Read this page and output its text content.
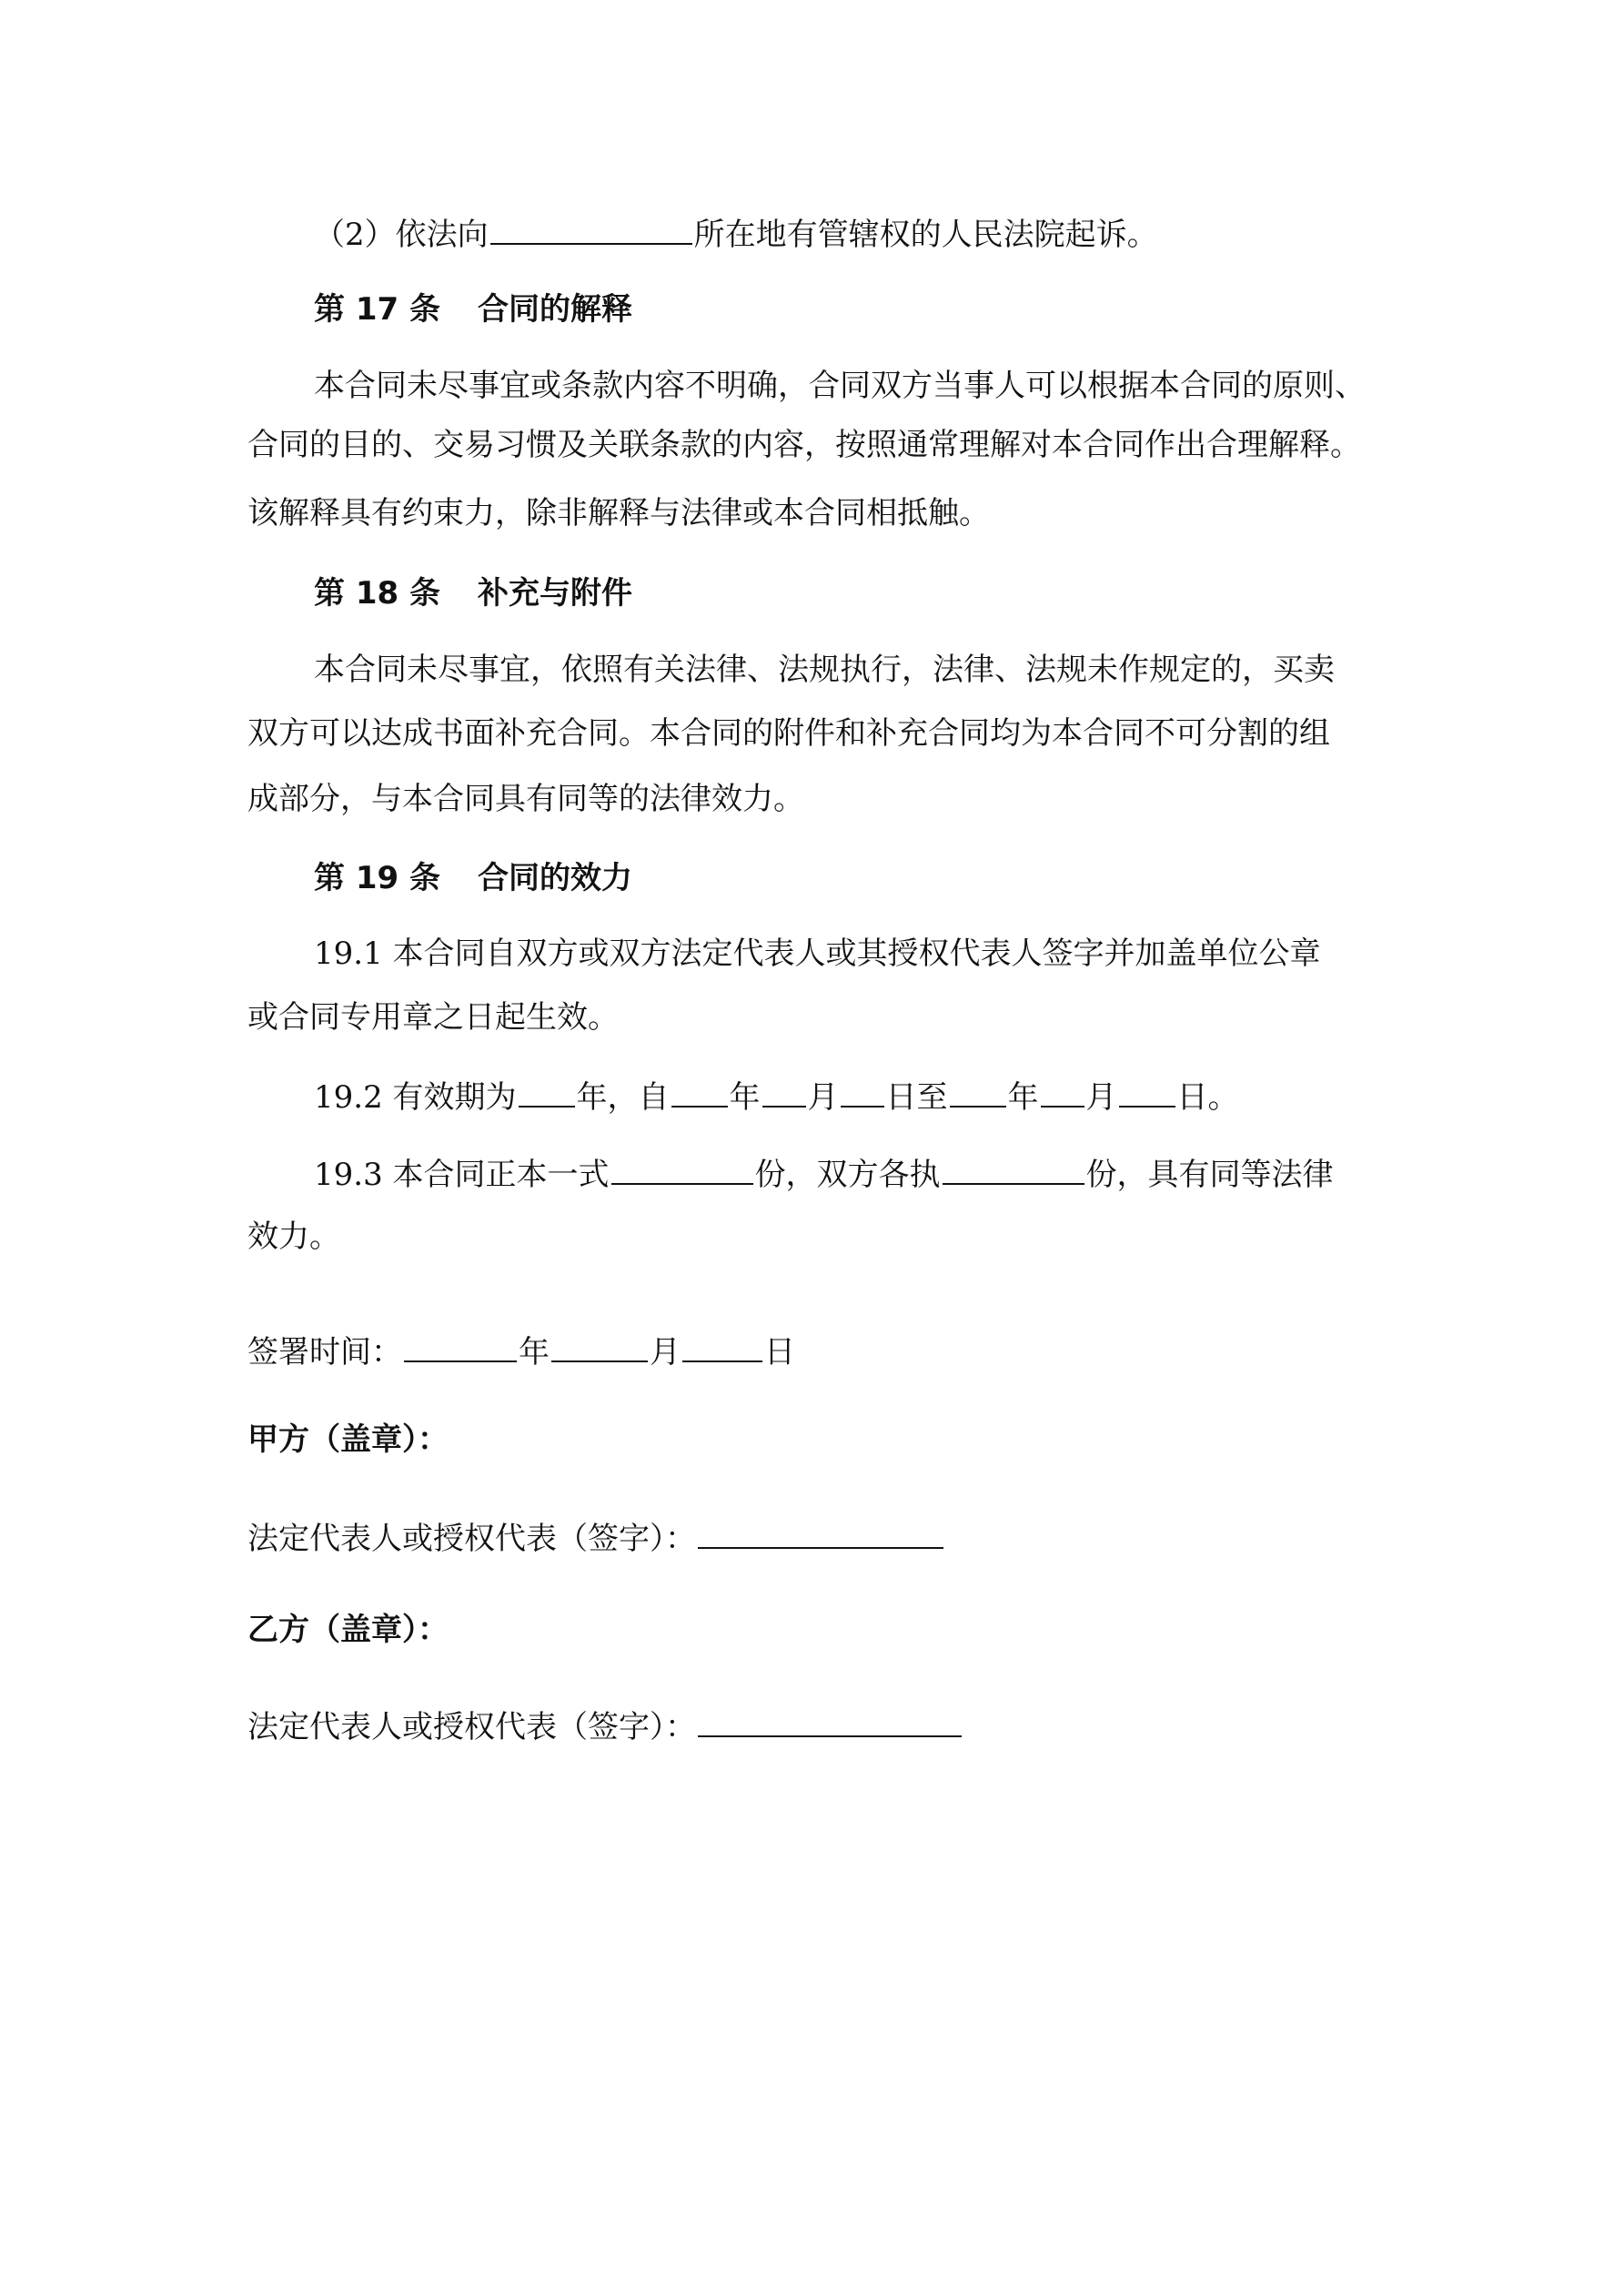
（2）依法向	所在地有管辖权的人民法院起诉。
第 17 条 合同的解释
本合同未尽事宜或条款内容不明确，合同双方当事人可以根据本合同的原则、
合同的目的、交易习惯及关联条款的内容，按照通常理解对本合同作出合理解释。
该解释具有约束力，除非解释与法律或本合同相抵触。
第 18 条 补充与附件
本合同未尽事宜，依照有关法律、法规执行，法律、法规未作规定的，买卖
双方可以达成书面补充合同。本合同的附件和补充合同均为本合同不可分割的组
成部分，与本合同具有同等的法律效力。
第 19 条 合同的效力
19.1 本合同自双方或双方法定代表人或其授权代表人签字并加盖单位公章
或合同专用章之日起生效。
19.2 有效期为 年，自 年 月 日至 年 月 日。
19.3 本合同正本一式	份，双方各执	份，具有同等法律
效力。
签署时间：	年	月	日
甲方（盖章）：
法定代表人或授权代表（签字）：
乙方（盖章）：
法定代表人或授权代表（签字）：
